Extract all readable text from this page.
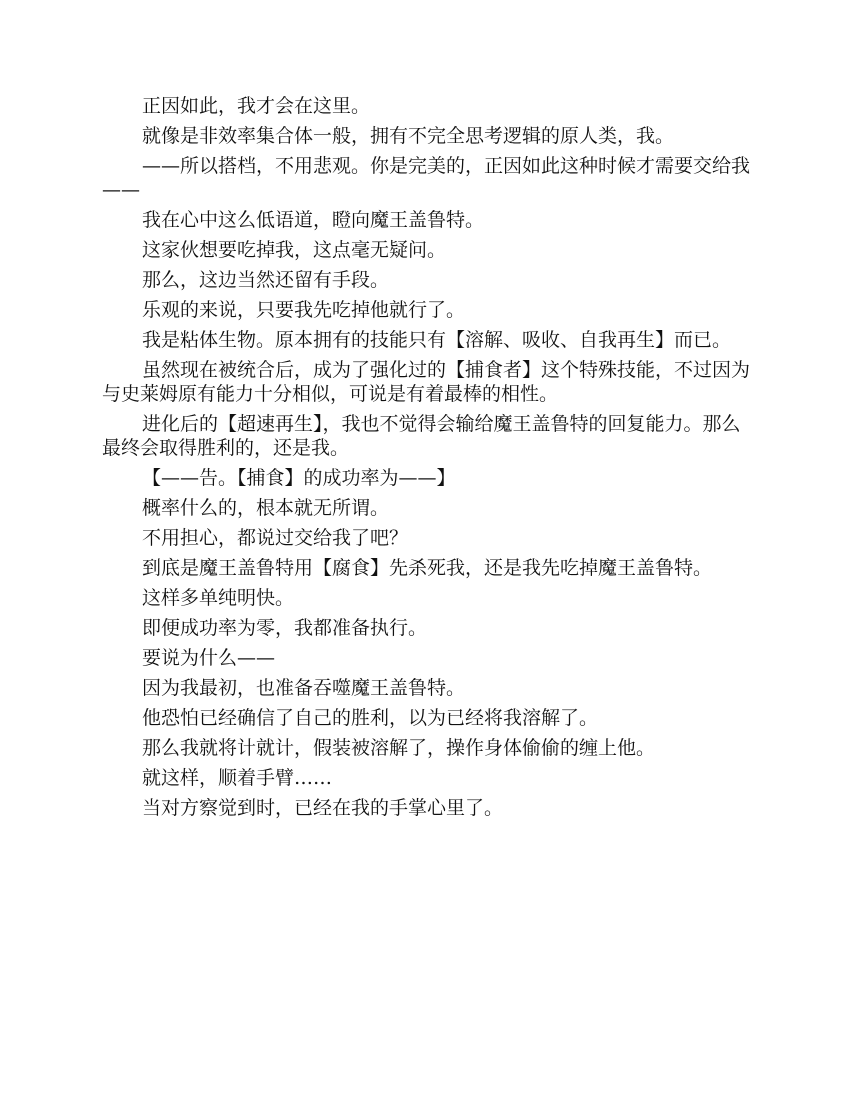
正因如此，我才会在这里。

就像是非效率集合体一般，拥有不完全思考逻辑的原人类，我。

——所以搭档，不用悲观。你是完美的，正因如此这种时候才需要交给我——

我在心中这么低语道，瞪向魔王盖鲁特。

这家伙想要吃掉我，这点毫无疑问。

那么，这边当然还留有手段。

乐观的来说，只要我先吃掉他就行了。

我是粘体生物。原本拥有的技能只有【溶解、吸收、自我再生】而已。

虽然现在被统合后，成为了强化过的【捕食者】这个特殊技能，不过因为与史莱姆原有能力十分相似，可说是有着最棒的相性。

进化后的【超速再生】，我也不觉得会输给魔王盖鲁特的回复能力。那么最终会取得胜利的，还是我。

【——告。【捕食】的成功率为——】

概率什么的，根本就无所谓。

不用担心，都说过交给我了吧？

到底是魔王盖鲁特用【腐食】先杀死我，还是我先吃掉魔王盖鲁特。

这样多单纯明快。

即便成功率为零，我都准备执行。

要说为什么——

因为我最初，也准备吞噬魔王盖鲁特。

他恐怕已经确信了自己的胜利，以为已经将我溶解了。

那么我就将计就计，假装被溶解了，操作身体偷偷的缠上他。

就这样，顺着手臂……

当对方察觉到时，已经在我的手掌心里了。
